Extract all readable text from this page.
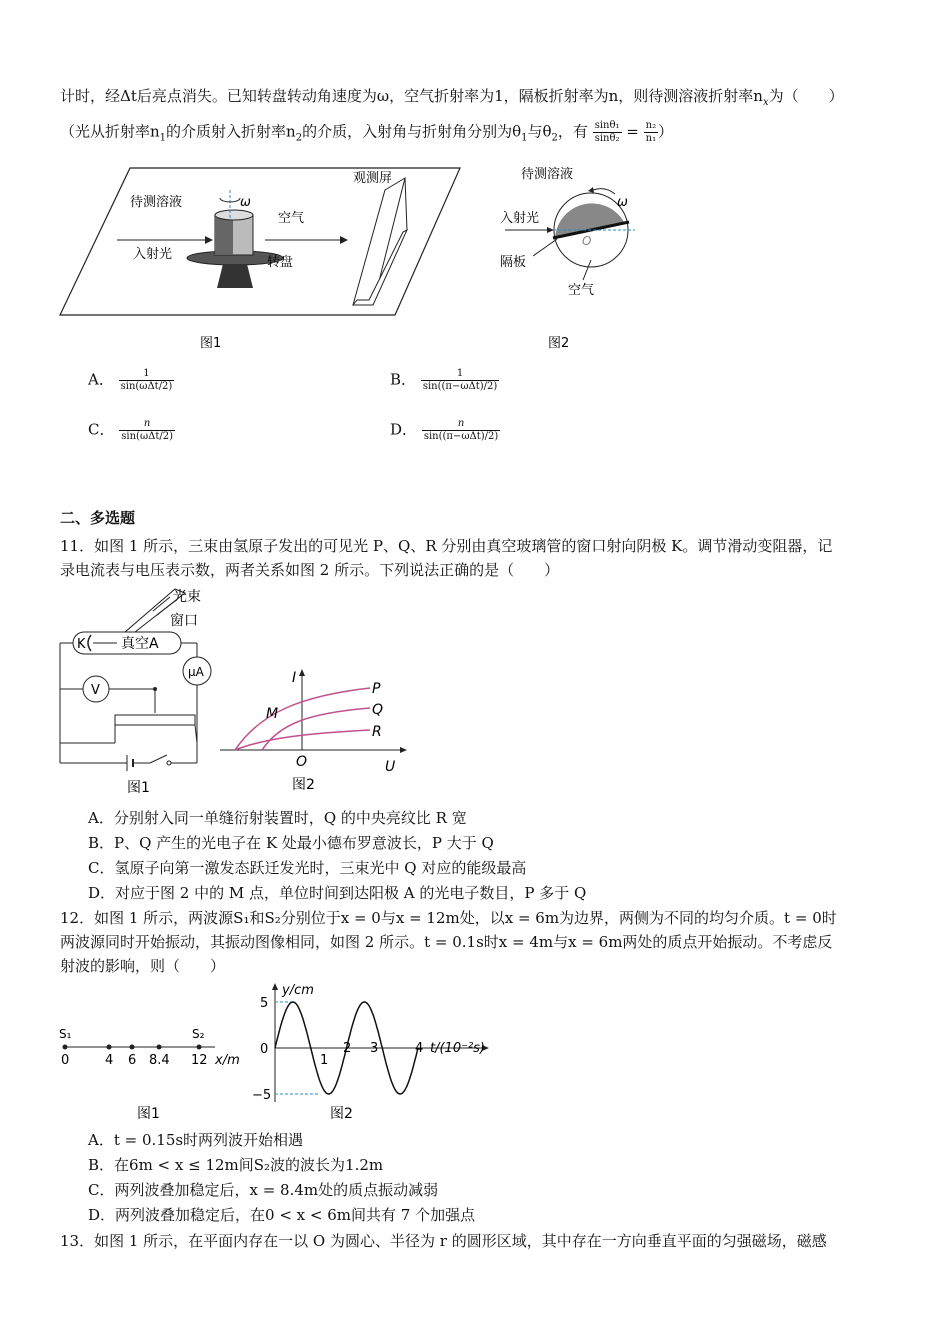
计时，经Δt后亮点消失。已知转盘转动角速度为ω，空气折射率为1，隔板折射率为n，则待测溶液折射率$n_x$为（　　）
（光从折射率$n_1$的介质射入折射率$n_2$的介质，入射角与折射角分别为$\theta_1$与$\theta_2$，有 $\frac{\text{sinθ₁}}{\text{sinθ₂}} = \frac{\text{n₂}}{\text{n₁}}$ ）
待测溶液	ω
空气
入射光
转盘
观测屏
图1
待测溶液
ω
入射光
O
隔板
空气
图2
A． $\frac{1}{\text{sin(ωΔt/2)}}$	B． $\frac{1}{\text{sin((π−ωΔt)/2)}}$
C． $\frac{n}{\text{sin(ωΔt/2)}}$	D． $\frac{n}{\text{sin((π−ωΔt)/2)}}$
二、多选题
11．如图 1 所示，三束由氢原子发出的可见光 P、Q、R 分别由真空玻璃管的窗口射向阴极 K。调节滑动变阻器，记
录电流表与电压表示数，两者关系如图 2 所示。下列说法正确的是（　　）
光束
窗口
K	真空A
μA
V
图1
I
P
Q
R
M
O	U
图2
A．分别射入同一单缝衍射装置时，Q 的中央亮纹比 R 宽
B．P、Q 产生的光电子在 K 处最小德布罗意波长，P 大于 Q
C．氢原子向第一激发态跃迁发光时，三束光中 Q 对应的能级最高
D．对应于图 2 中的 M 点，单位时间到达阳极 A 的光电子数目，P 多于 Q
12．如图 1 所示，两波源S₁和S₂分别位于x = 0与x = 12m处，以x = 6m为边界，两侧为不同的均匀介质。t = 0时
两波源同时开始振动，其振动图像相同，如图 2 所示。t = 0.1s时x = 4m与x = 6m两处的质点开始振动。不考虑反
射波的影响，则（　　）
S₁	S₂
0	4 6 8.4 12 x/m
图1
y/cm
5
−5
0
1
2 3	4 t/(10⁻²s)
图2
A．t = 0.15s时两列波开始相遇
B．在6m < x ≤ 12m间S₂波的波长为1.2m
C．两列波叠加稳定后，x = 8.4m处的质点振动减弱
D．两列波叠加稳定后，在0 < x < 6m间共有 7 个加强点
13．如图 1 所示，在平面内存在一以 O 为圆心、半径为 r 的圆形区域，其中存在一方向垂直平面的匀强磁场，磁感
